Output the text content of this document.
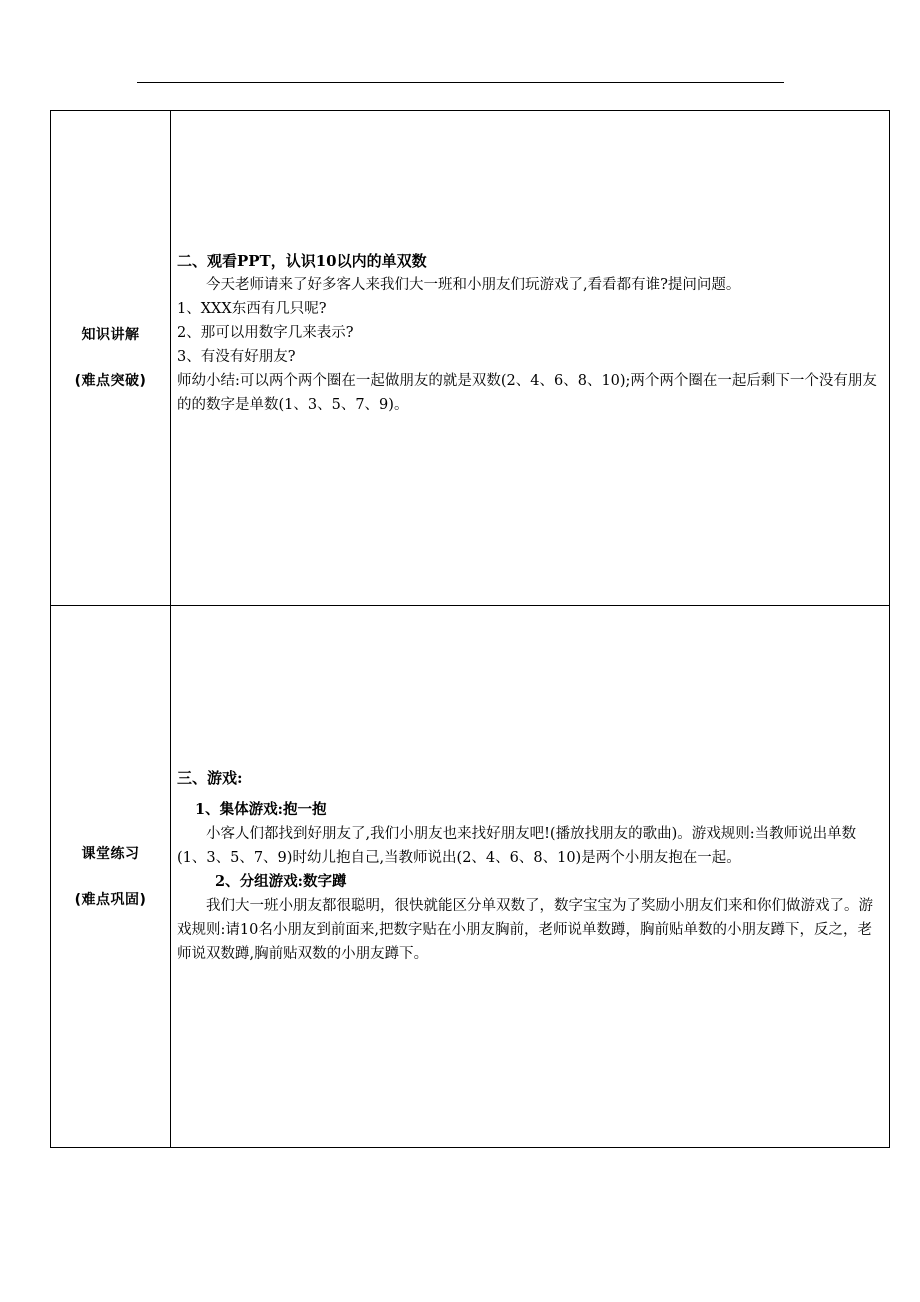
知识讲解
(难点突破)

二、观看PPT，认识10以内的单双数

今天老师请来了好多客人来我们大一班和小朋友们玩游戏了,看看都有谁?提问问题。

1、XXX东西有几只呢?

2、那可以用数字几来表示?

3、有没有好朋友?

师幼小结:可以两个两个圈在一起做朋友的就是双数(2、4、6、8、10);两个两个圈在一起后剩下一个没有朋友的的数字是单数(1、3、5、7、9)。

课堂练习
(难点巩固)

三、游戏:

1、集体游戏:抱一抱

小客人们都找到好朋友了,我们小朋友也来找好朋友吧!(播放找朋友的歌曲)。游戏规则:当教师说出单数(1、3、5、7、9)时幼儿抱自己,当教师说出(2、4、6、8、10)是两个小朋友抱在一起。

2、分组游戏:数字蹲

我们大一班小朋友都很聪明，很快就能区分单双数了，数字宝宝为了奖励小朋友们来和你们做游戏了。游戏规则:请10名小朋友到前面来,把数字贴在小朋友胸前，老师说单数蹲，胸前贴单数的小朋友蹲下，反之，老师说双数蹲,胸前贴双数的小朋友蹲下。
